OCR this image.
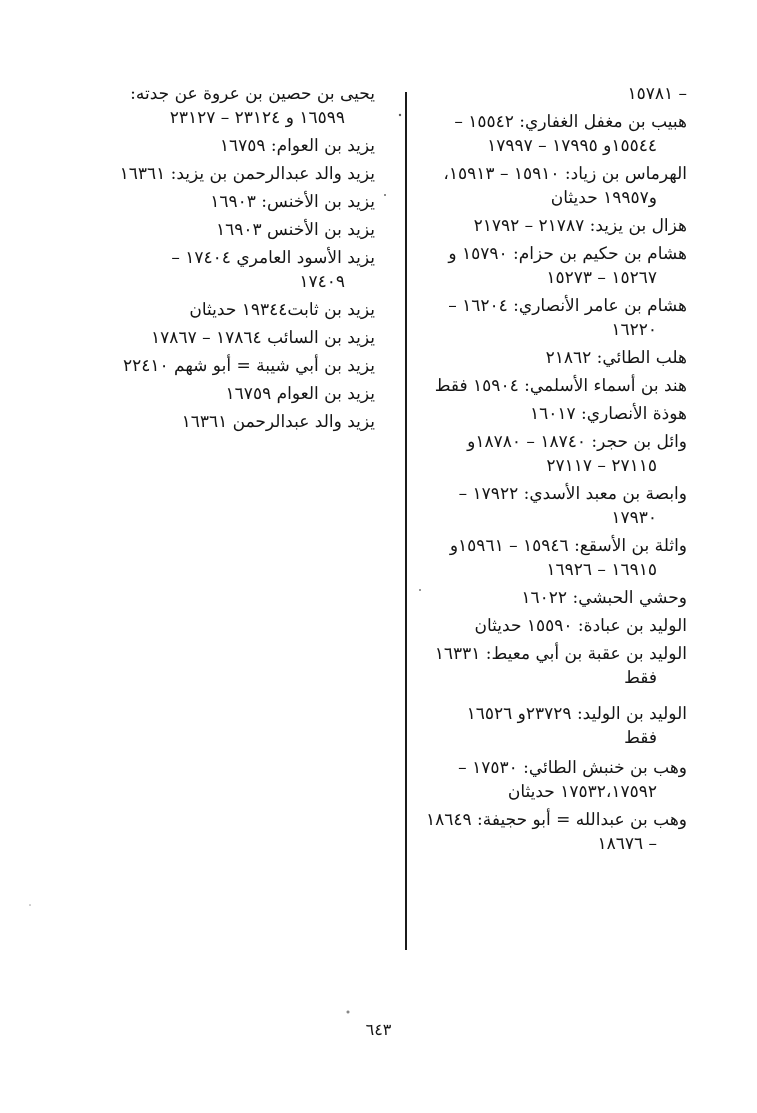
– ١٥٧٨١
هبيب بن مغفل الغفاري: ١٥٥٤٢ –
١٥٥٤٤و ١٧٩٩٥ – ١٧٩٩٧
الهرماس بن زياد: ١٥٩١٠ – ١٥٩١٣،
و١٩٩٥٧ حديثان
هزال بن يزيد: ٢١٧٨٧ – ٢١٧٩٢
هشام بن حكيم بن حزام: ١٥٧٩٠ و
١٥٢٦٧ – ١٥٢٧٣
هشام بن عامر الأنصاري: ١٦٢٠٤ –
١٦٢٢٠
هلب الطائي: ٢١٨٦٢
هند بن أسماء الأسلمي: ١٥٩٠٤ فقط
هوذة الأنصاري: ١٦٠١٧
وائل بن حجر: ١٨٧٤٠ – ١٨٧٨٠و
٢٧١١٥ – ٢٧١١٧
وابصة بن معبد الأسدي: ١٧٩٢٢ –
١٧٩٣٠
واثلة بن الأسقع: ١٥٩٤٦ – ١٥٩٦١و
١٦٩١٥ – ١٦٩٢٦
وحشي الحبشي: ١٦٠٢٢
الوليد بن عبادة: ١٥٥٩٠ حديثان
الوليد بن عقبة بن أبي معيط: ١٦٣٣١
فقط
الوليد بن الوليد: ٢٣٧٢٩و ١٦٥٢٦
فقط
وهب بن خنبش الطائي: ١٧٥٣٠ –
١٧٥٣٢،١٧٥٩٢ حديثان
وهب بن عبدالله = أبو حجيفة: ١٨٦٤٩
– ١٨٦٧٦
يحيى بن حصين بن عروة عن جدته:
١٦٥٩٩ و ٢٣١٢٤ – ٢٣١٢٧
يزيد بن العوام: ١٦٧٥٩
يزيد والد عبدالرحمن بن يزيد: ١٦٣٦١
يزيد بن الأخنس: ١٦٩٠٣
يزيد بن الأخنس ١٦٩٠٣
يزيد الأسود العامري ١٧٤٠٤ –
١٧٤٠٩
يزيد بن ثابت١٩٣٤٤ حديثان
يزيد بن السائب ١٧٨٦٤ – ١٧٨٦٧
يزيد بن أبي شيبة = أبو شهم ٢٢٤١٠
يزيد بن العوام ١٦٧٥٩
يزيد والد عبدالرحمن ١٦٣٦١
٦٤٣
